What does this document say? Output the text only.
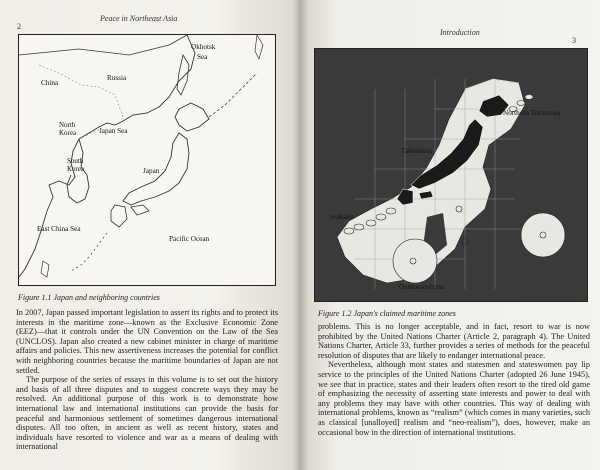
2
Peace in Northeast Asia
Okhotsk
Sea
China
Russia
North
Korea	Japan Sea
South
Korea	Japan
East China Sea
Pacific Ocean
Figure 1.1 Japan and neighboring countries

In 2007, Japan passed important legislation to assert its rights and to protect its interests in the maritime zone—known as the Exclusive Economic Zone (EEZ)—that it controls under the UN Convention on the Law of the Sea (UNCLOS). Japan also created a new cabinet minister in charge of maritime affairs and policies. This new assertiveness increases the potential for conflict with neighboring countries because the maritime boundaries of Japan are not settled.

The purpose of the series of essays in this volume is to set out the history and basis of all three disputes and to suggest concrete ways they may be resolved. An additional purpose of this work is to demonstrate how international law and international institutions can provide the basis for peaceful and harmonious settlement of sometimes dangerous international disputes. All too often, in ancient as well as recent history, states and individuals have resorted to violence and war as a means of dealing with international

Introduction
3
Northern Territories
Takeshima
Senkaku
Okinotorishima
Figure 1.2 Japan's claimed maritime zones

problems. This is no longer acceptable, and in fact, resort to war is now prohibited by the United Nations Charter (Article 2, paragraph 4). The United Nations Charter, Article 33, further provides a series of methods for the peaceful resolution of disputes that are likely to endanger international peace.

Nevertheless, although most states and statesmen and stateswomen pay lip service to the principles of the United Nations Charter (adopted 26 June 1945), we see that in practice, states and their leaders often resort to the tired old game of emphasizing the necessity of asserting state interests and power to deal with any problems they may have with other countries. This way of dealing with international problems, known as “realism” (which comes in many varieties, such as classical [unalloyed] realism and “neo-realism”), does, however, make an occasional bow in the direction of international institutions.
